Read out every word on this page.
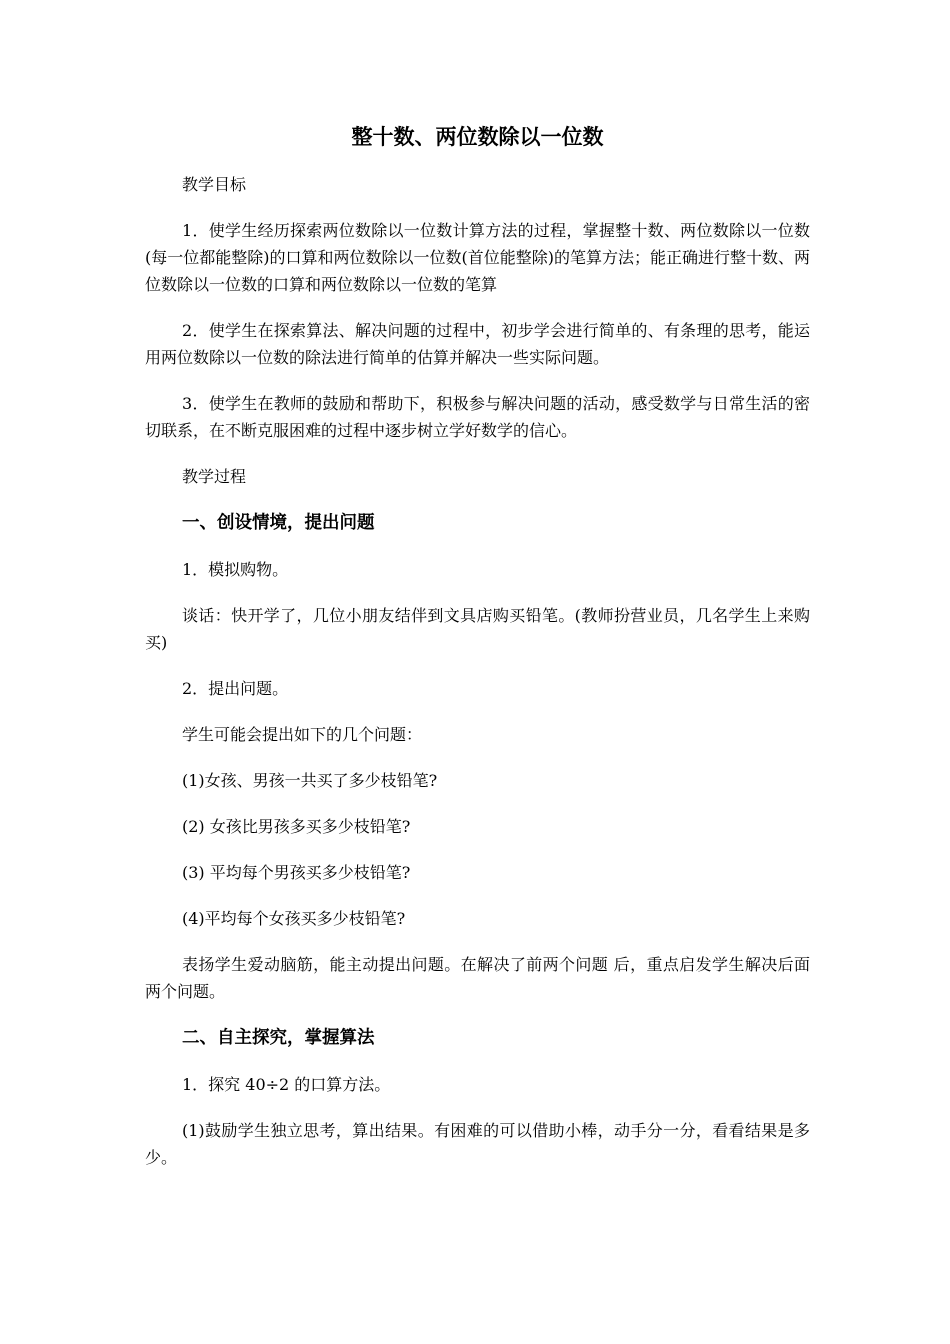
整十数、两位数除以一位数
教学目标
1．使学生经历探索两位数除以一位数计算方法的过程，掌握整十数、两位数除以一位数(每一位都能整除)的口算和两位数除以一位数(首位能整除)的笔算方法；能正确进行整十数、两位数除以一位数的口算和两位数除以一位数的笔算
2．使学生在探索算法、解决问题的过程中，初步学会进行简单的、有条理的思考，能运用两位数除以一位数的除法进行简单的估算并解决一些实际问题。
3．使学生在教师的鼓励和帮助下，积极参与解决问题的活动，感受数学与日常生活的密切联系，在不断克服困难的过程中逐步树立学好数学的信心。
教学过程
一、创设情境，提出问题
1．模拟购物。
谈话：快开学了，几位小朋友结伴到文具店购买铅笔。(教师扮营业员，几名学生上来购买)
2．提出问题。
学生可能会提出如下的几个问题：
(1)女孩、男孩一共买了多少枝铅笔?
(2) 女孩比男孩多买多少枝铅笔?
(3) 平均每个男孩买多少枝铅笔?
(4)平均每个女孩买多少枝铅笔?
表扬学生爱动脑筋，能主动提出问题。在解决了前两个问题 后，重点启发学生解决后面两个问题。
二、自主探究，掌握算法
1．探究 40÷2 的口算方法。
(1)鼓励学生独立思考，算出结果。有困难的可以借助小棒，动手分一分，看看结果是多少。
